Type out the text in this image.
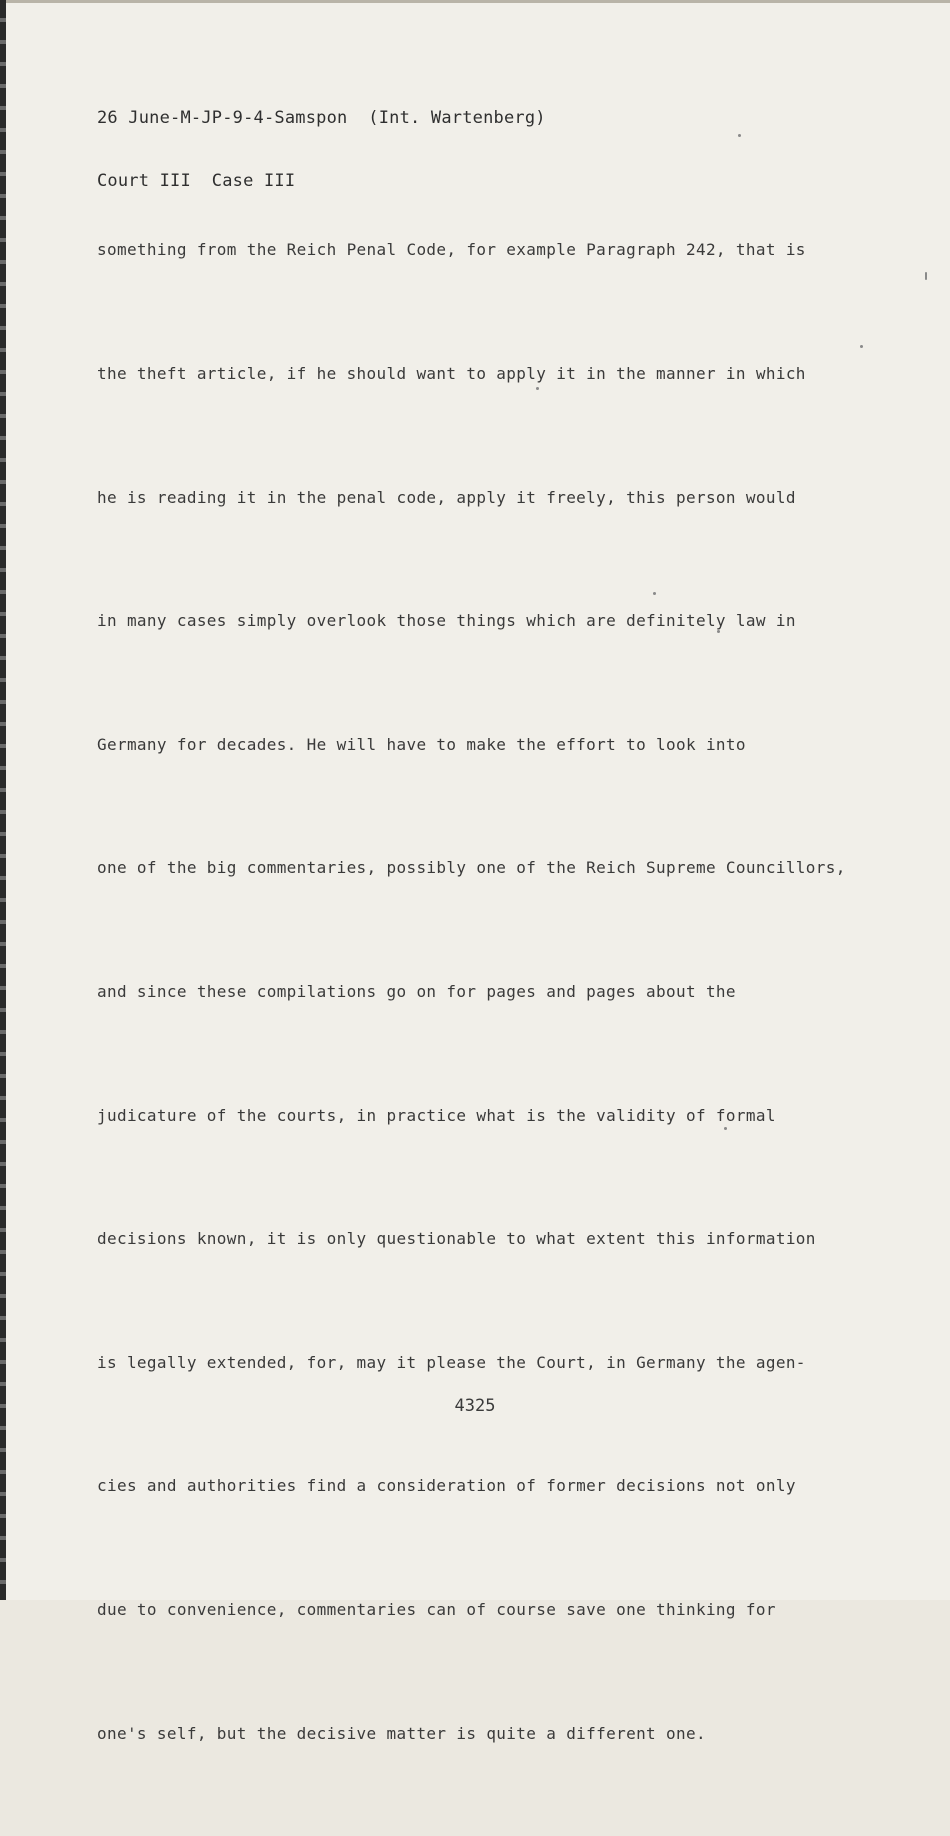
26 June-M-JP-9-4-Samspon  (Int. Wartenberg)

Court III  Case III

something from the Reich Penal Code, for example Paragraph 242, that is

the theft article, if he should want to apply it in the manner in which

he is reading it in the penal code, apply it freely, this person would

in many cases simply overlook those things which are definitely law in

Germany for decades. He will have to make the effort to look into

one of the big commentaries, possibly one of the Reich Supreme Councillors,

and since these compilations go on for pages and pages about the

judicature of the courts, in practice what is the validity of formal

decisions known, it is only questionable to what extent this information

is legally extended, for, may it please the Court, in Germany the agen-

cies and authorities find a consideration of former decisions not only

due to convenience, commentaries can of course save one thinking for

one's self, but the decisive matter is quite a different one.

4325
